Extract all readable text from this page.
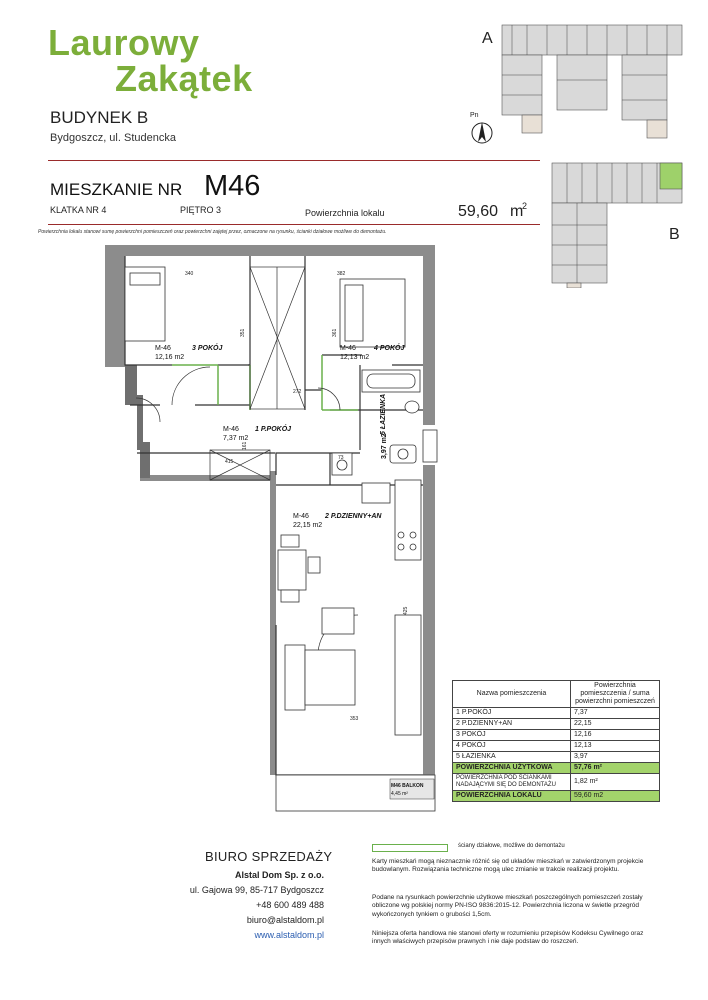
Laurowy
Zakątek
BUDYNEK B
Bydgoszcz, ul. Studencka
A
B
Pn
MIESZKANIE NR M46
KLATKA NR 4	PIĘTRO 3	Powierzchnia lokalu	59,60 m
2
Powierzchnia lokalu stanowi sumę powierzchni pomieszczeń oraz powierzchni zajętej przez, oznaczone na rysunku, ścianki działowe możliwe do demontażu.
M-46	3 POKÓJ
12,16 m2
M-46	4 POKÓJ
12,13 m2
M-46 1 P.POKÓJ
7,37 m2
M-46 2 P.DZIENNY+AN
22,15 m2
M46 BALKON
4,45 m²
5 ŁAZIENKA
3,97 m2
340	382
272
415
73
353
351	361
161
425
Nazwa pomieszczenia	Powierzchnia pomieszczenia / suma powierzchni pomieszczeń
1 P.POKÓJ	7,37
2 P.DZIENNY+AN	22,15
3 POKÓJ	12,16
4 POKÓJ	12,13
5 ŁAZIENKA	3,97
POWIERZCHNIA UŻYTKOWA	57,76 m²
POWIERZCHNIA POD ŚCIANKAMI NADAJĄCYMI SIĘ DO DEMONTAŻU	1,82 m²
POWIERZCHNIA LOKALU	59,60 m2
BIURO SPRZEDAŻY
Alstal Dom Sp. z o.o.
ul. Gajowa 99, 85-717 Bydgoszcz
+48 600 489 488
biuro@alstaldom.pl
www.alstaldom.pl
ściany działowe, możliwe do demontażu
Karty mieszkań mogą nieznacznie różnić się od układów mieszkań w zatwierdzonym projekcie budowlanym. Rozwiązania techniczne mogą ulec zmianie w trakcie realizacji projektu.
Podane na rysunkach powierzchnie użytkowe mieszkań poszczególnych pomieszczeń zostały obliczone wg polskiej normy PN-ISO 9836:2015-12. Powierzchnia liczona w świetle przegród wykończonych tynkiem o grubości 1,5cm.
Niniejsza oferta handlowa nie stanowi oferty w rozumieniu przepisów Kodeksu Cywilnego oraz innych właściwych przepisów prawnych i nie daje podstaw do roszczeń.
